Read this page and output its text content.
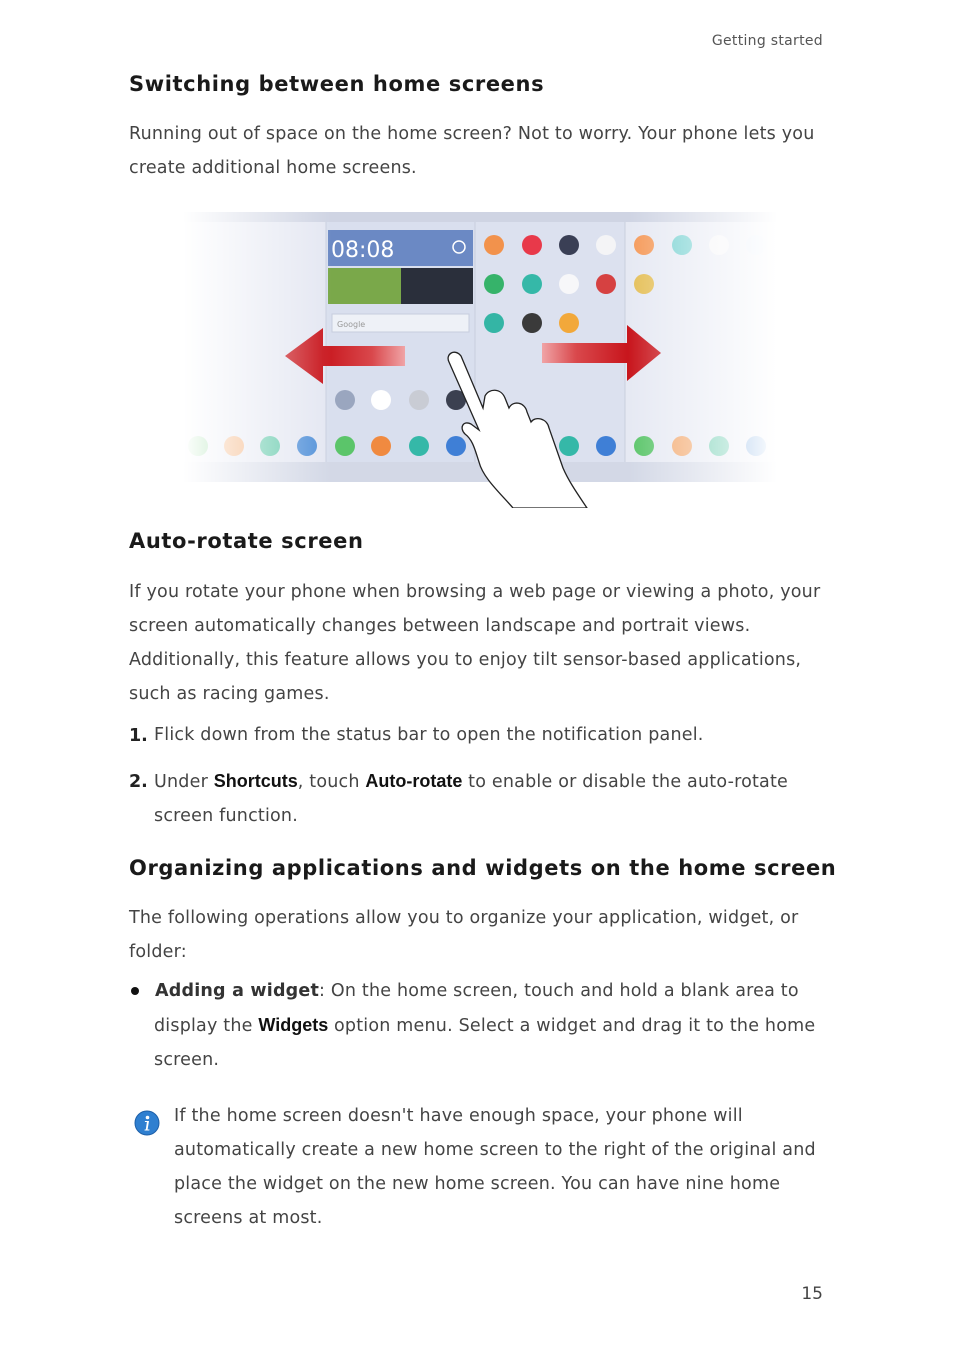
Getting started
Switching between home screens
Running out of space on the home screen? Not to worry. Your phone lets you create additional home screens.
Auto-rotate screen
If you rotate your phone when browsing a web page or viewing a photo, your screen automatically changes between landscape and portrait views. Additionally, this feature allows you to enjoy tilt sensor-based applications, such as racing games.
1. Flick down from the status bar to open the notification panel.
2. Under Shortcuts, touch Auto-rotate to enable or disable the auto-rotate screen function.
Organizing applications and widgets on the home screen
The following operations allow you to organize your application, widget, or folder:
Adding a widget: On the home screen, touch and hold a blank area to display the Widgets option menu. Select a widget and drag it to the home screen.
If the home screen doesn't have enough space, your phone will automatically create a new home screen to the right of the original and place the widget on the new home screen. You can have nine home screens at most.
15
